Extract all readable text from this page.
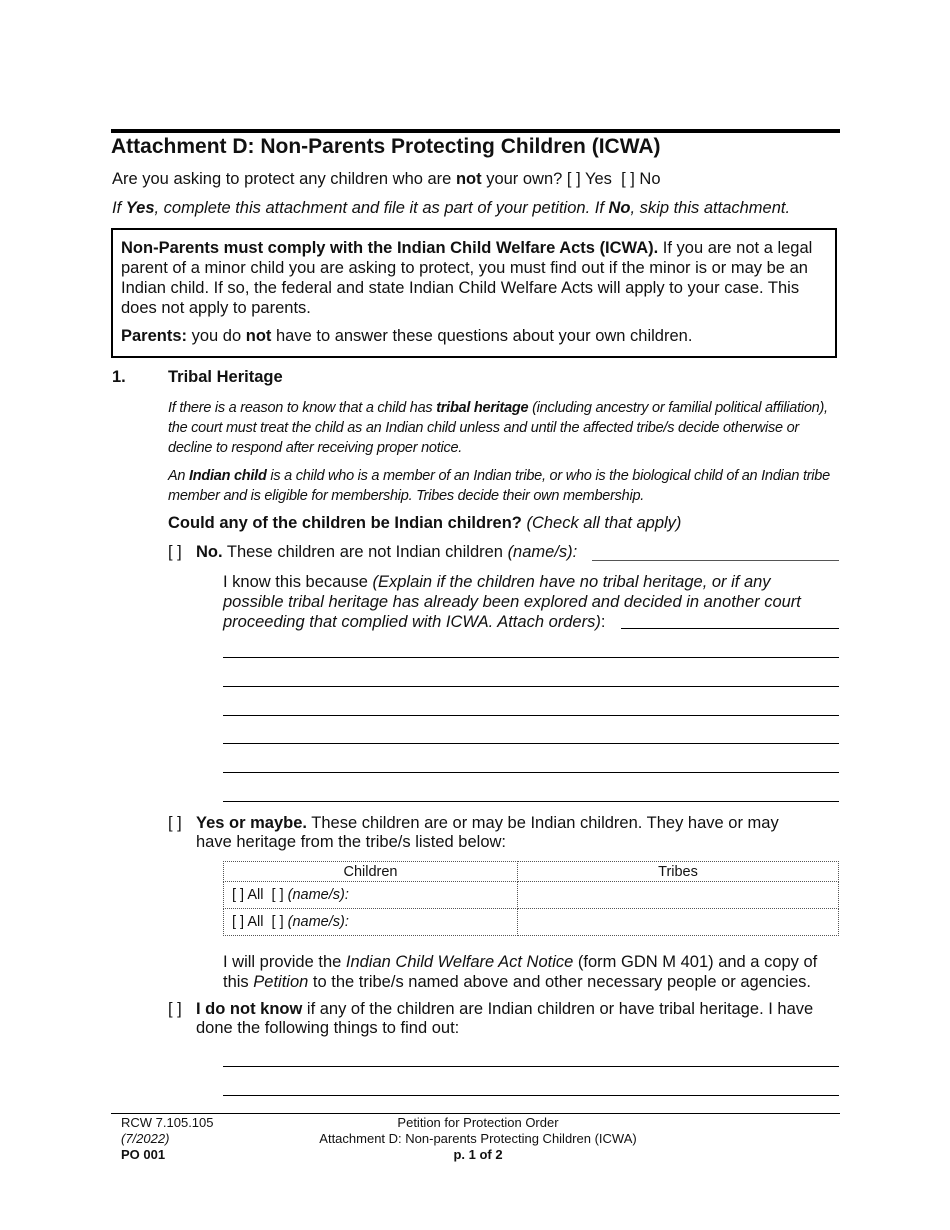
Attachment D: Non-Parents Protecting Children (ICWA)
Are you asking to protect any children who are not your own? [ ] Yes [ ] No
If Yes, complete this attachment and file it as part of your petition. If No, skip this attachment.

Non-Parents must comply with the Indian Child Welfare Acts (ICWA). If you are not a legal parent of a minor child you are asking to protect, you must find out if the minor is or may be an Indian child. If so, the federal and state Indian Child Welfare Acts will apply to your case. This does not apply to parents.

Parents: you do not have to answer these questions about your own children.

1.	Tribal Heritage
If there is a reason to know that a child has tribal heritage (including ancestry or familial political affiliation), the court must treat the child as an Indian child unless and until the affected tribe/s decide otherwise or decline to respond after receiving proper notice.
An Indian child is a child who is a member of an Indian tribe, or who is the biological child of an Indian tribe member and is eligible for membership. Tribes decide their own membership.
Could any of the children be Indian children? (Check all that apply)
[ ] No. These children are not Indian children (name/s):
I know this because (Explain if the children have no tribal heritage, or if any possible tribal heritage has already been explored and decided in another court proceeding that complied with ICWA. Attach orders):
[ ] Yes or maybe. These children are or may be Indian children. They have or may have heritage from the tribe/s listed below:
Children	Tribes
[ ] All [ ] (name/s):	
[ ] All [ ] (name/s):	
I will provide the Indian Child Welfare Act Notice (form GDN M 401) and a copy of this Petition to the tribe/s named above and other necessary people or agencies.
[ ] I do not know if any of the children are Indian children or have tribal heritage. I have done the following things to find out:
RCW 7.105.105
(7/2022)
PO 001
Petition for Protection Order
Attachment D: Non-parents Protecting Children (ICWA)
p. 1 of 2
